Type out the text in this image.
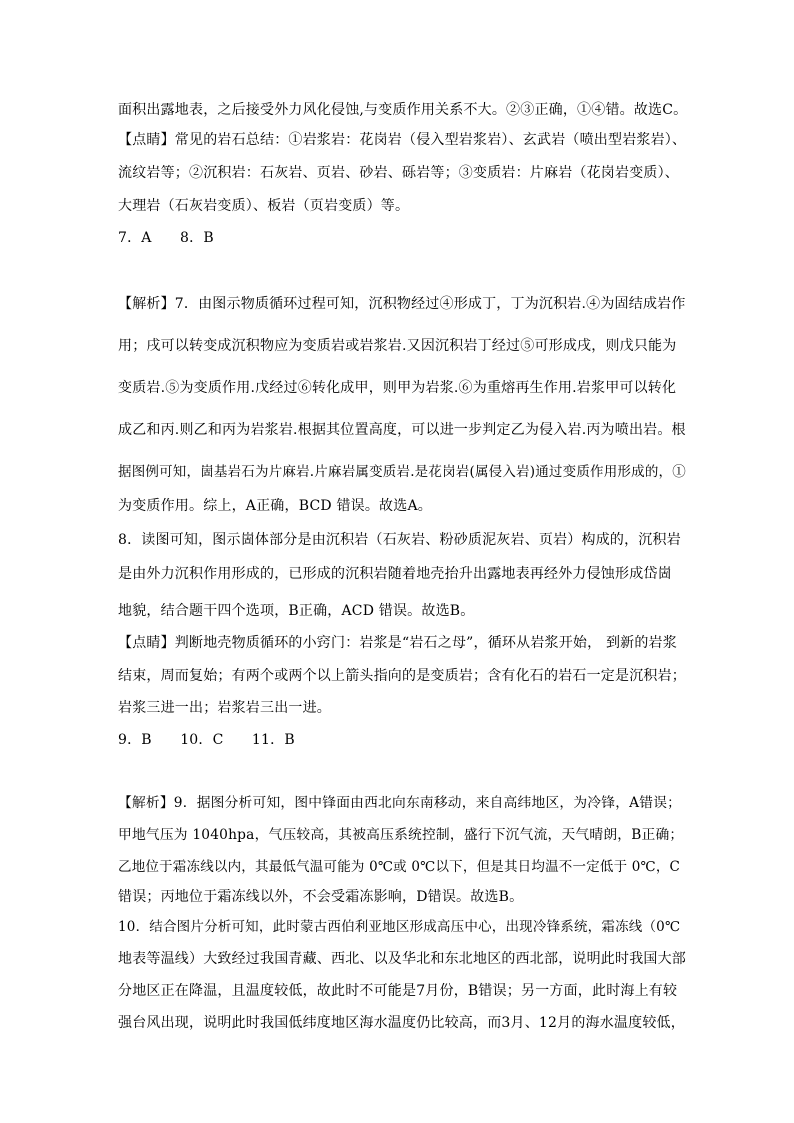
面积出露地表，之后接受外力风化侵蚀,与变质作用关系不大。②③正确，①④错。故选C。
【点睛】常见的岩石总结：①岩浆岩：花岗岩（侵入型岩浆岩）、玄武岩（喷出型岩浆岩）、
流纹岩等；②沉积岩：石灰岩、页岩、砂岩、砾岩等；③变质岩：片麻岩（花岗岩变质）、
大理岩（石灰岩变质）、板岩（页岩变质）等。
7．A　　8．B
【解析】7．由图示物质循环过程可知，沉积物经过④形成丁，丁为沉积岩.④为固结成岩作
用；戌可以转变成沉积物应为变质岩或岩浆岩.又因沉积岩丁经过⑤可形成戌，则戊只能为
变质岩.⑤为变质作用.戊经过⑥转化成甲，则甲为岩浆.⑥为重熔再生作用.岩浆甲可以转化
成乙和丙.则乙和丙为岩浆岩.根据其位置高度，可以进一步判定乙为侵入岩.丙为喷出岩。根
据图例可知，崮基岩石为片麻岩.片麻岩属变质岩.是花岗岩(属侵入岩)通过变质作用形成的，①
为变质作用。综上，A正确，BCD 错误。故选A。
8．读图可知，图示崮体部分是由沉积岩（石灰岩、粉砂质泥灰岩、页岩）构成的，沉积岩
是由外力沉积作用形成的，已形成的沉积岩随着地壳抬升出露地表再经外力侵蚀形成岱崮
地貌，结合题干四个选项，B正确，ACD 错误。故选B。
【点睛】判断地壳物质循环的小窍门：岩浆是“岩石之母”，循环从岩浆开始， 到新的岩浆
结束，周而复始；有两个或两个以上箭头指向的是变质岩；含有化石的岩石一定是沉积岩；
岩浆三进一出；岩浆岩三出一进。
9．B　　10．C　　11．B
【解析】9．据图分析可知，图中锋面由西北向东南移动，来自高纬地区，为冷锋，A错误；
甲地气压为 1040hpa，气压较高，其被高压系统控制，盛行下沉气流，天气晴朗，B正确；
乙地位于霜冻线以内，其最低气温可能为 0℃或 0℃以下，但是其日均温不一定低于 0℃，C
错误；丙地位于霜冻线以外，不会受霜冻影响，D错误。故选B。
10．结合图片分析可知，此时蒙古西伯利亚地区形成高压中心，出现冷锋系统，霜冻线（0℃
地表等温线）大致经过我国青藏、西北、以及华北和东北地区的西北部，说明此时我国大部
分地区正在降温，且温度较低，故此时不可能是7月份，B错误；另一方面，此时海上有较
强台风出现，说明此时我国低纬度地区海水温度仍比较高，而3月、12月的海水温度较低，
